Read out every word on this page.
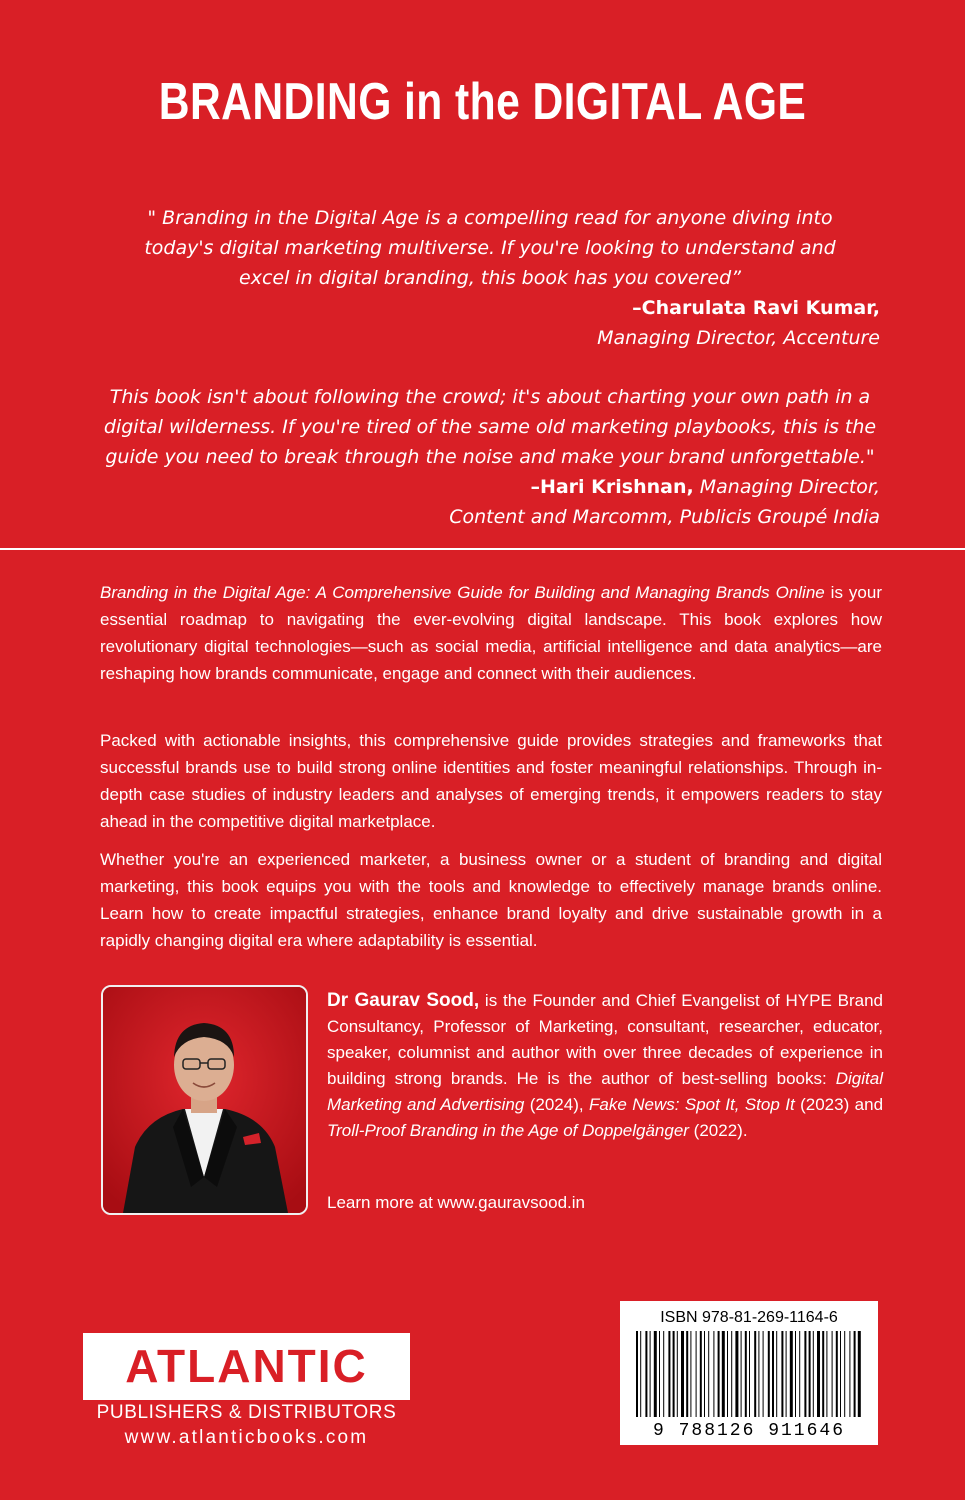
BRANDING in the DIGITAL AGE
" Branding in the Digital Age is a compelling read for anyone diving into today's digital marketing multiverse. If you're looking to understand and excel in digital branding, this book has you covered”
–Charulata Ravi Kumar,
Managing Director, Accenture
This book isn't about following the crowd; it's about charting your own path in a digital wilderness. If you're tired of the same old marketing playbooks, this is the guide you need to break through the noise and make your brand unforgettable."
–Hari Krishnan, Managing Director,
Content and Marcomm, Publicis Groupé India
Branding in the Digital Age: A Comprehensive Guide for Building and Managing Brands Online is your essential roadmap to navigating the ever-evolving digital landscape. This book explores how revolutionary digital technologies—such as social media, artificial intelligence and data analytics—are reshaping how brands communicate, engage and connect with their audiences.
Packed with actionable insights, this comprehensive guide provides strategies and frameworks that successful brands use to build strong online identities and foster meaningful relationships. Through in-depth case studies of industry leaders and analyses of emerging trends, it empowers readers to stay ahead in the competitive digital marketplace.
Whether you're an experienced marketer, a business owner or a student of branding and digital marketing, this book equips you with the tools and knowledge to effectively manage brands online. Learn how to create impactful strategies, enhance brand loyalty and drive sustainable growth in a rapidly changing digital era where adaptability is essential.
Dr Gaurav Sood, is the Founder and Chief Evangelist of HYPE Brand Consultancy, Professor of Marketing, consultant, researcher, educator, speaker, columnist and author with over three decades of experience in building strong brands. He is the author of best-selling books: Digital Marketing and Advertising (2024), Fake News: Spot It, Stop It (2023) and Troll-Proof Branding in the Age of Doppelgänger (2022).
Learn more at www.gauravsood.in
ISBN 978-81-269-1164-6
9 788126 911646
ATLANTIC
PUBLISHERS & DISTRIBUTORS
www.atlanticbooks.com
